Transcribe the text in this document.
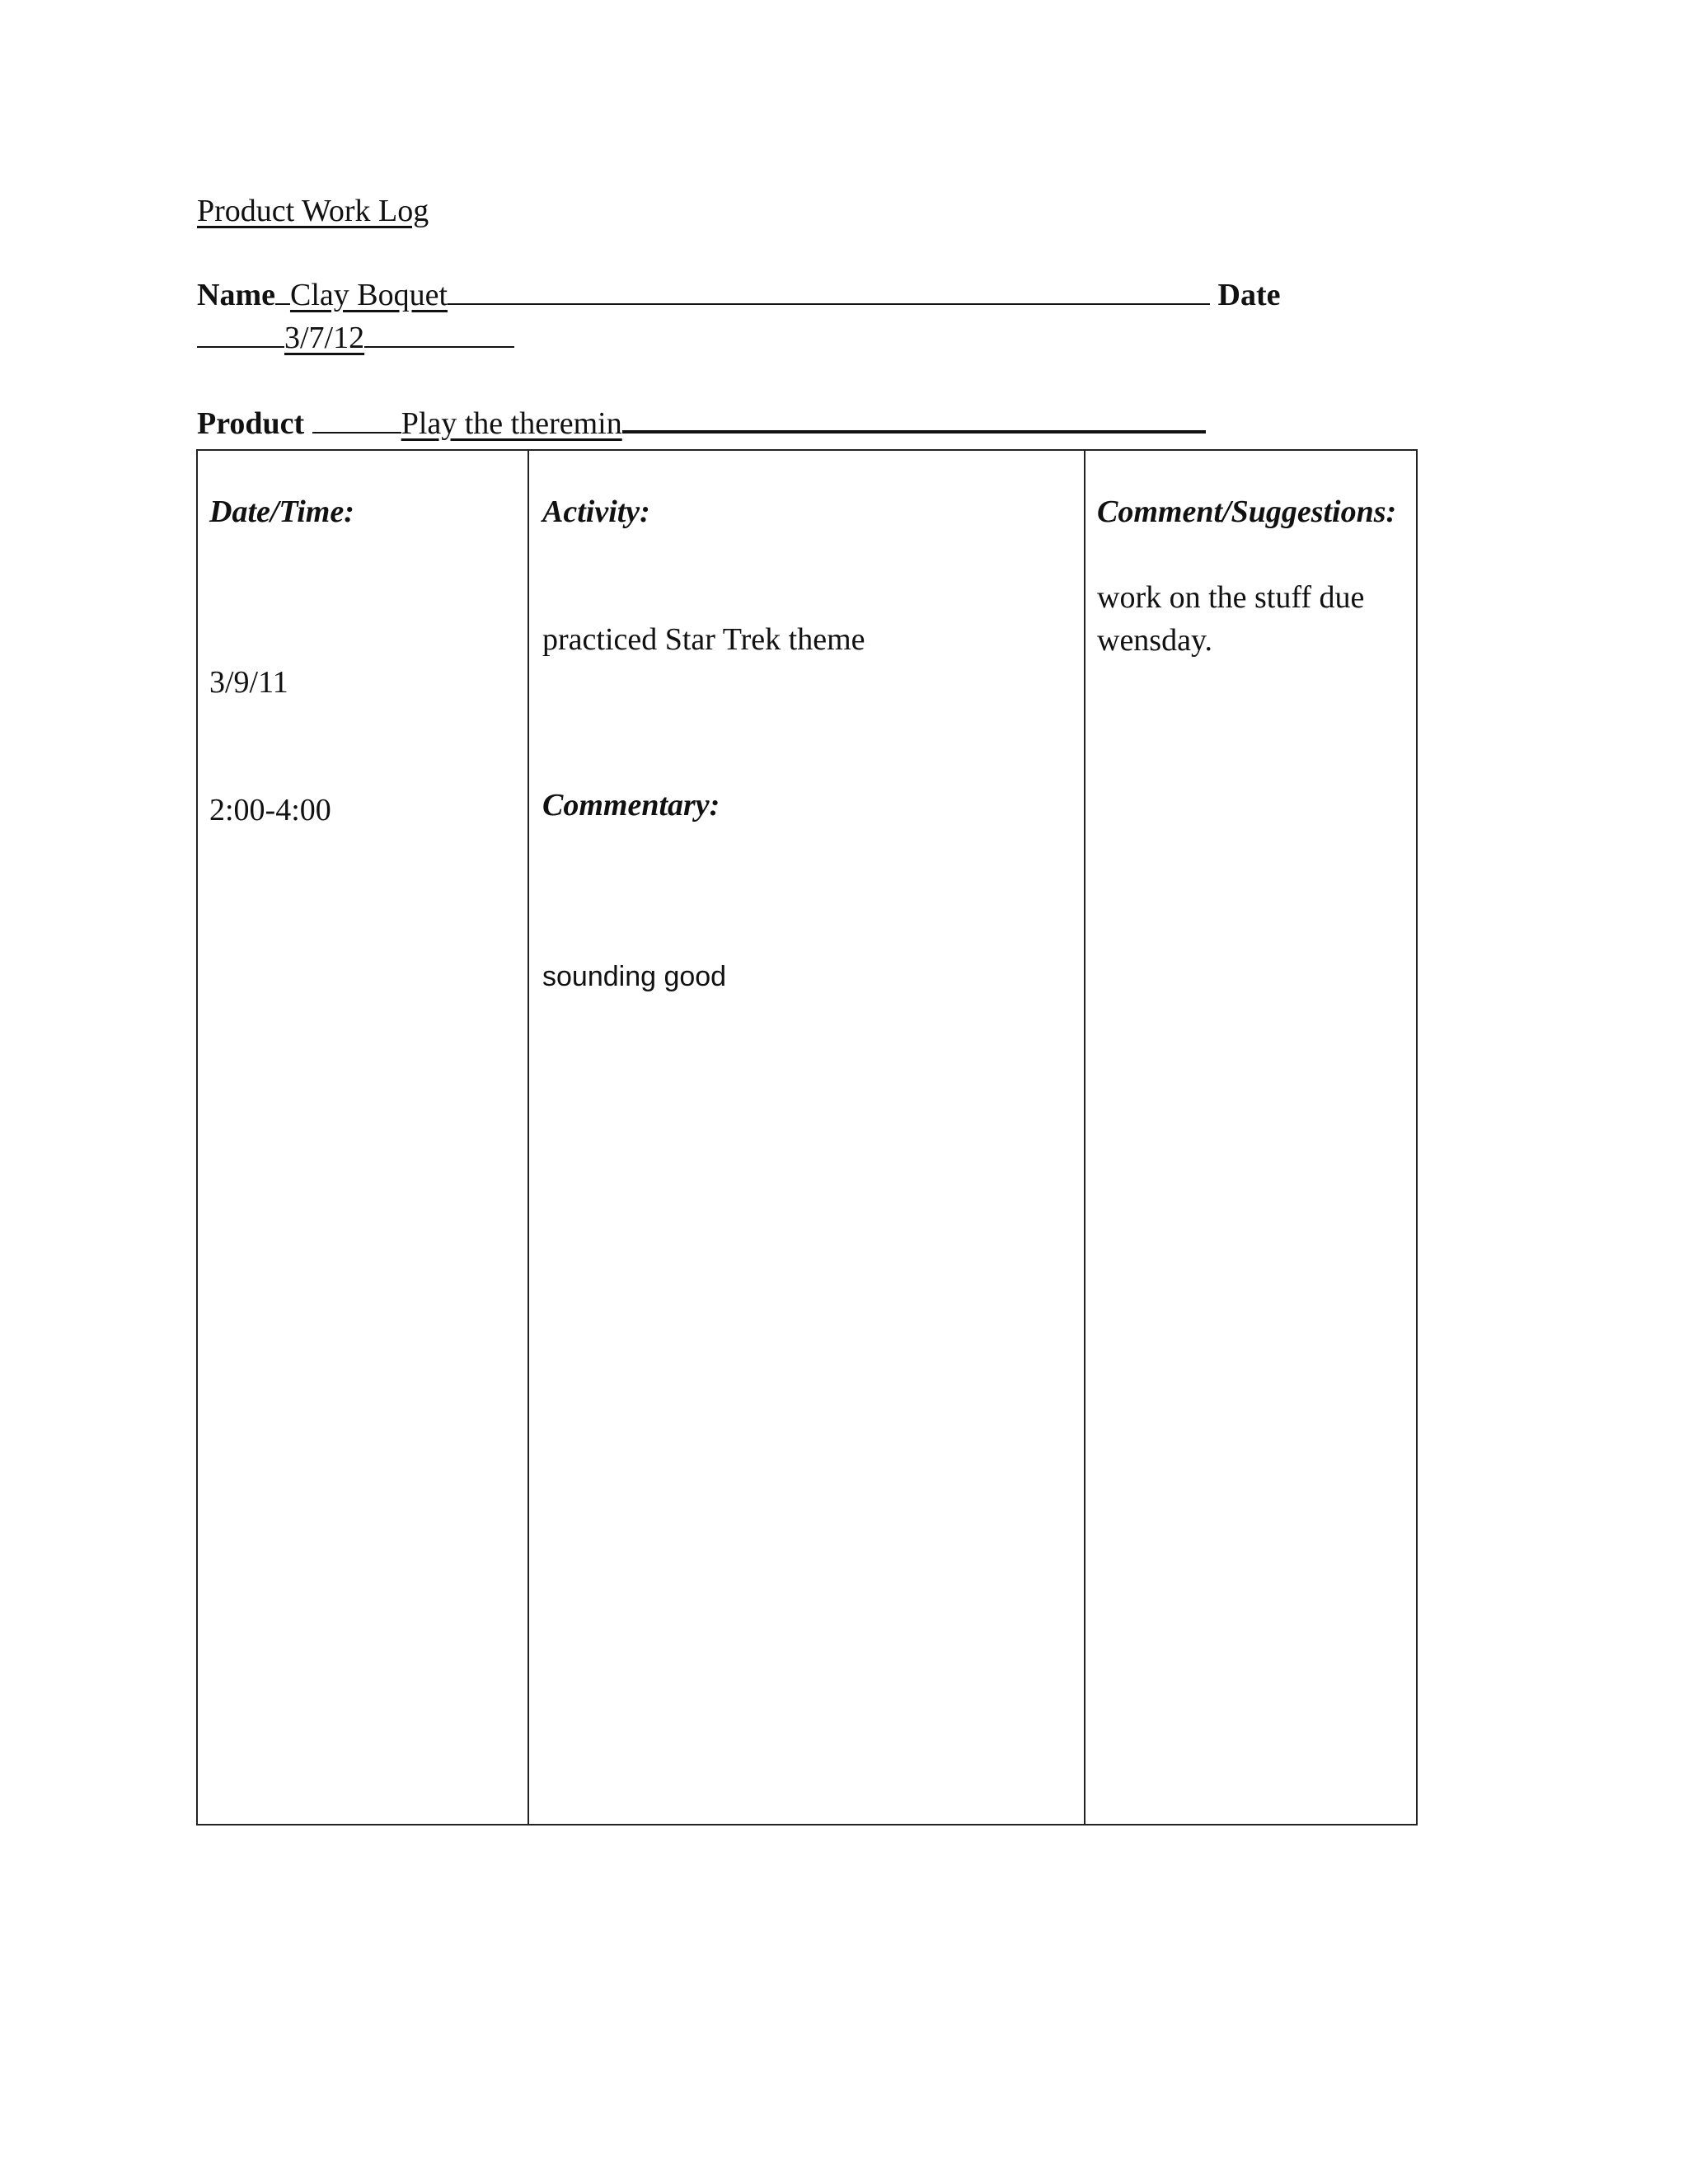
Product Work Log
Name Clay Boquet	Date
3/7/12
Product	Play the theremin
Date/Time:
3/9/11
2:00-4:00
Activity:
practiced Star Trek theme
Commentary:
sounding good
Comment/Suggestions:
work on the stuff due
wensday.
